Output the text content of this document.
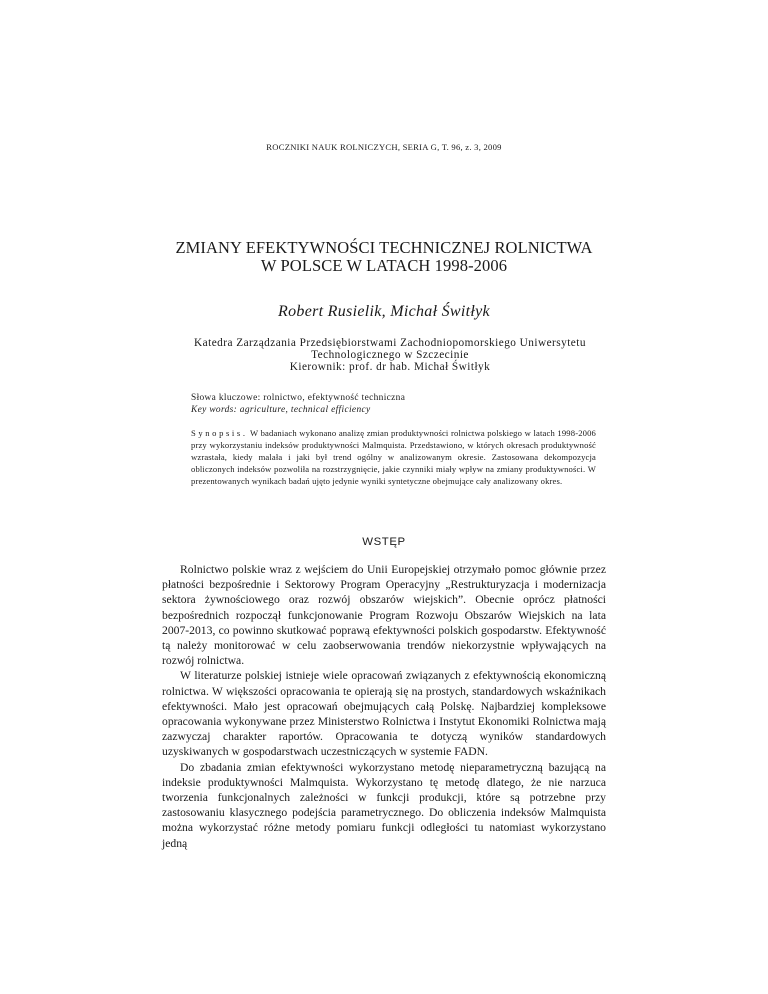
ROCZNIKI NAUK ROLNICZYCH, SERIA G, T. 96, z. 3, 2009
ZMIANY EFEKTYWNOŚCI TECHNICZNEJ ROLNICTWA
W POLSCE W LATACH 1998-2006
Robert Rusielik, Michał Świtłyk

Katedra Zarządzania Przedsiębiorstwami Zachodniopomorskiego Uniwersytetu Technologicznego w Szczecinie

Kierownik: prof. dr hab. Michał Świtłyk

Słowa kluczowe: rolnictwo, efektywność techniczna

Key words: agriculture, technical efficiency

Synopsis. W badaniach wykonano analizę zmian produktywności rolnictwa polskiego w latach 1998-2006 przy wykorzystaniu indeksów produktywności Malmquista. Przedstawiono, w których okresach produktywność wzrastała, kiedy malała i jaki był trend ogólny w analizowanym okresie. Zastosowana dekompozycja obliczonych indeksów pozwoliła na rozstrzygnięcie, jakie czynniki miały wpływ na zmiany produktywności. W prezentowanych wynikach badań ujęto jedynie wyniki syntetyczne obejmujące cały analizowany okres.
WSTĘP

Rolnictwo polskie wraz z wejściem do Unii Europejskiej otrzymało pomoc głównie przez płatności bezpośrednie i Sektorowy Program Operacyjny „Restrukturyzacja i modernizacja sektora żywnościowego oraz rozwój obszarów wiejskich”. Obecnie oprócz płatności bezpośrednich rozpoczął funkcjonowanie Program Rozwoju Obszarów Wiejskich na lata 2007-2013, co powinno skutkować poprawą efektywności polskich gospodarstw. Efektywność tą należy monitorować w celu zaobserwowania trendów niekorzystnie wpływających na rozwój rolnictwa.

W literaturze polskiej istnieje wiele opracowań związanych z efektywnością ekonomiczną rolnictwa. W większości opracowania te opierają się na prostych, standardowych wskaźnikach efektywności. Mało jest opracowań obejmujących całą Polskę. Najbardziej kompleksowe opracowania wykonywane przez Ministerstwo Rolnictwa i Instytut Ekonomiki Rolnictwa mają zazwyczaj charakter raportów. Opracowania te dotyczą wyników standardowych uzyskiwanych w gospodarstwach uczestniczących w systemie FADN.

Do zbadania zmian efektywności wykorzystano metodę nieparametryczną bazującą na indeksie produktywności Malmquista. Wykorzystano tę metodę dlatego, że nie narzuca tworzenia funkcjonalnych zależności w funkcji produkcji, które są potrzebne przy zastosowaniu klasycznego podejścia parametrycznego. Do obliczenia indeksów Malmquista można wykorzystać różne metody pomiaru funkcji odległości tu natomiast wykorzystano jedną
